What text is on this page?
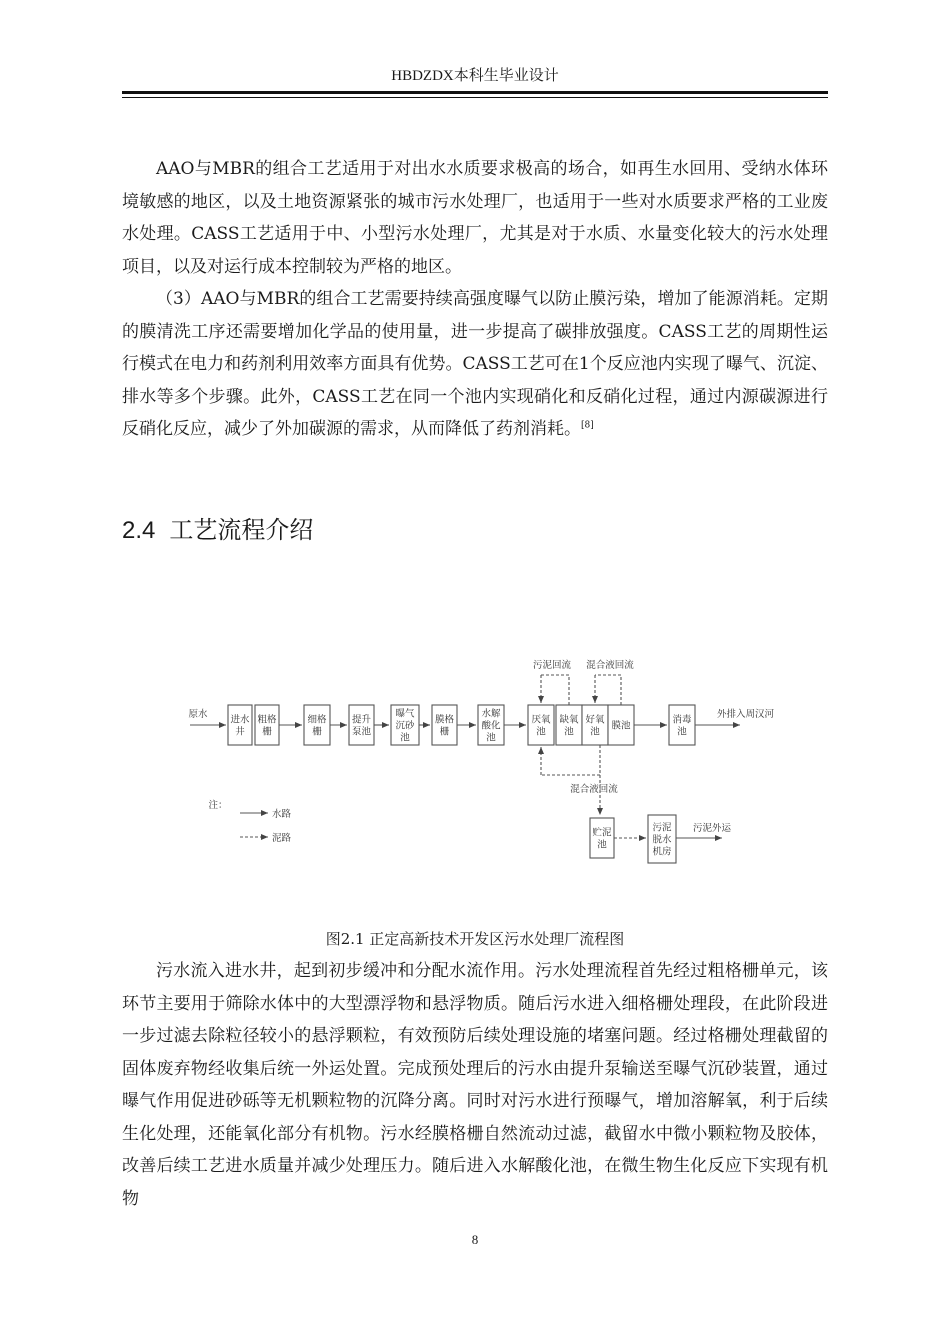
HBDZDX本科生毕业设计
AAO与MBR的组合工艺适用于对出水水质要求极高的场合，如再生水回用、受纳水体环境敏感的地区，以及土地资源紧张的城市污水处理厂，也适用于一些对水质要求严格的工业废水处理。CASS工艺适用于中、小型污水处理厂，尤其是对于水质、水量变化较大的污水处理项目，以及对运行成本控制较为严格的地区。
（3）AAO与MBR的组合工艺需要持续高强度曝气以防止膜污染，增加了能源消耗。定期的膜清洗工序还需要增加化学品的使用量，进一步提高了碳排放强度。CASS工艺的周期性运行模式在电力和药剂利用效率方面具有优势。CASS工艺可在1个反应池内实现了曝气、沉淀、排水等多个步骤。此外，CASS工艺在同一个池内实现硝化和反硝化过程，通过内源碳源进行反硝化反应，减少了外加碳源的需求，从而降低了药剂消耗。[8]
2.4 工艺流程介绍
原水 进水
井
粗格
栅
细格
栅
提升
泵池
曝气
沉砂
池
膜格
栅
水解
酸化
池
厌氧
池
缺氧
池
好氧
池
膜池
消毒
池
外排入周汉河
污泥回流 混合液回流
混合液回流
贮泥
池
污泥
脱水
机房
污泥外运
注：
水路
泥路
图2.1 正定高新技术开发区污水处理厂流程图
污水流入进水井，起到初步缓冲和分配水流作用。污水处理流程首先经过粗格栅单元，该环节主要用于筛除水体中的大型漂浮物和悬浮物质。随后污水进入细格栅处理段，在此阶段进一步过滤去除粒径较小的悬浮颗粒，有效预防后续处理设施的堵塞问题。经过格栅处理截留的固体废弃物经收集后统一外运处置。完成预处理后的污水由提升泵输送至曝气沉砂装置，通过曝气作用促进砂砾等无机颗粒物的沉降分离。同时对污水进行预曝气，增加溶解氧，利于后续生化处理，还能氧化部分有机物。污水经膜格栅自然流动过滤，截留水中微小颗粒物及胶体，改善后续工艺进水质量并减少处理压力。随后进入水解酸化池，在微生物生化反应下实现有机物
8
